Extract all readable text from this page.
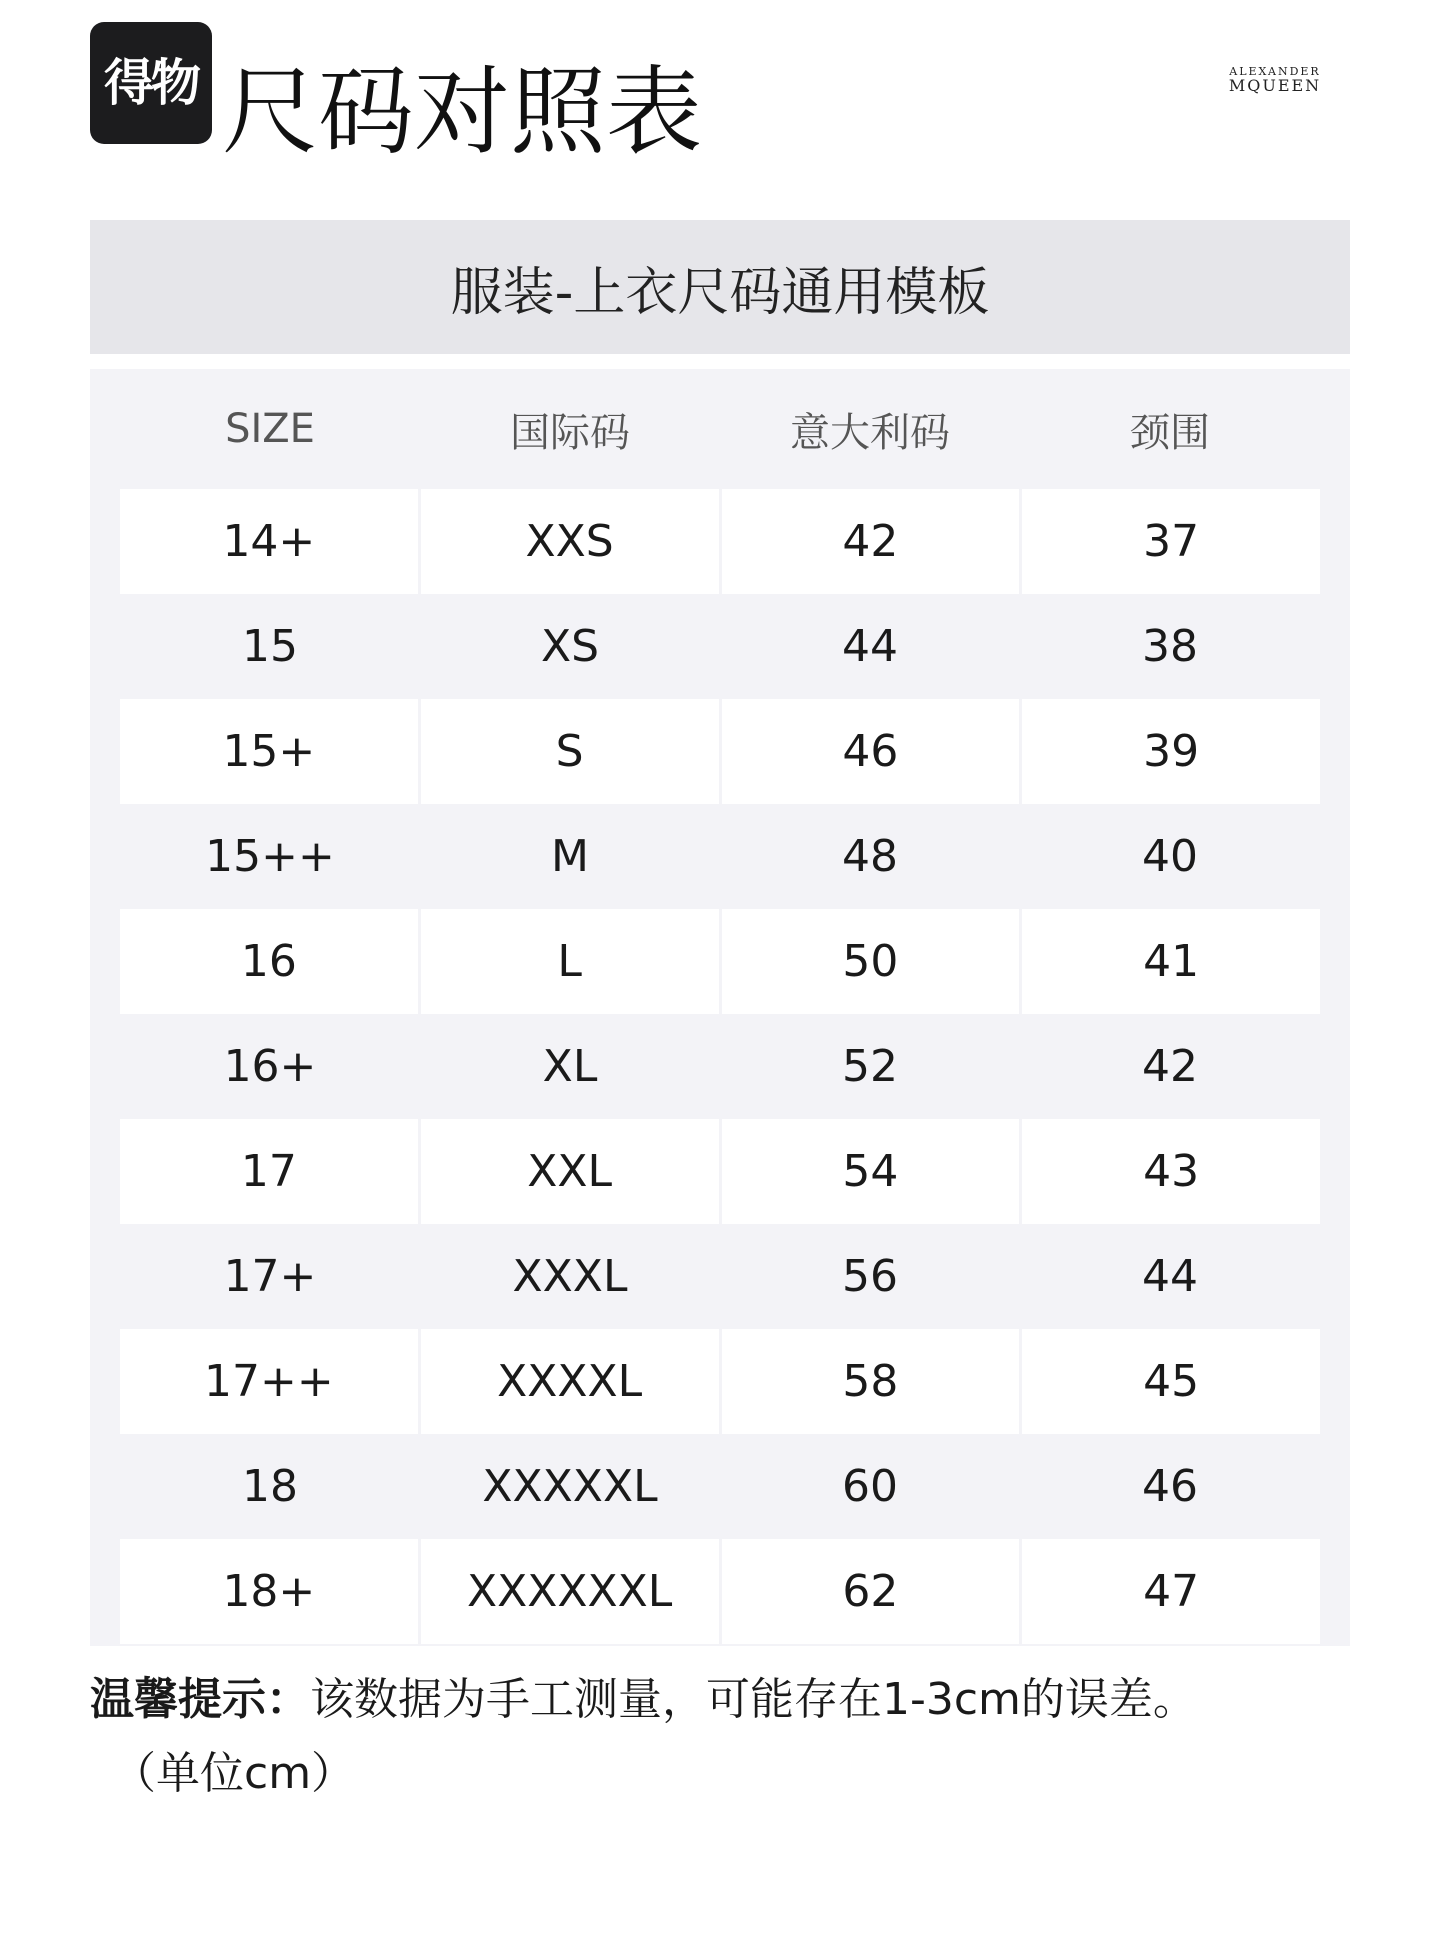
得物 尺码对照表	ALEXANDER
MQUEEN
服装-上衣尺码通用模板
SIZE	国际码	意大利码	颈围
14+	XXS	42	37
15	XS	44	38
15+	S	46	39
15++	M	48	40
16	L	50	41
16+	XL	52	42
17	XXL	54	43
17+	XXXL	56	44
17++	XXXXL	58	45
18	XXXXXL	60	46
18+	XXXXXXL	62	47
温馨提示：该数据为手工测量，可能存在1-3cm的误差。
（单位cm）
